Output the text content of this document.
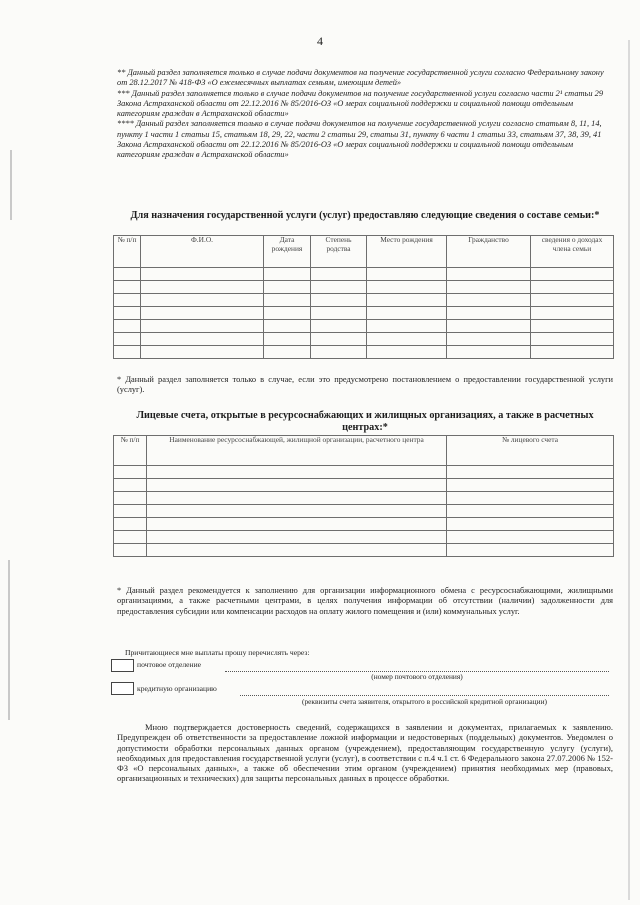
4

** Данный раздел заполняется только в случае подачи документов на получение государственной услуги согласно Федеральному закону от 28.12.2017 № 418-ФЗ «О ежемесячных выплатах семьям, имеющим детей»

*** Данный раздел заполняется только в случае подачи документов на получение государственной услуги согласно части 2¹ статьи 29 Закона Астраханской области от 22.12.2016 № 85/2016-ОЗ «О мерах социальной поддержки и социальной помощи отдельным категориям граждан в Астраханской области»

**** Данный раздел заполняется только в случае подачи документов на получение государственной услуги согласно статьям 8, 11, 14, пункту 1 части 1 статьи 15, статьям 18, 29, 22, части 2 статьи 29, статьи 31, пункту 6 части 1 статьи 33, статьям 37, 38, 39, 41 Закона Астраханской области от 22.12.2016 № 85/2016-ОЗ «О мерах социальной поддержки и социальной помощи отдельным категориям граждан в Астраханской области»

Для назначения государственной услуги (услуг) предоставляю следующие сведения о составе семьи:*
№ п/п	Ф.И.О.	Дата рождения	Степень родства	Место рождения	Гражданство	сведения о доходах члена семьи

* Данный раздел заполняется только в случае, если это предусмотрено постановлением о предоставлении государственной услуги (услуг).
Лицевые счета, открытые в ресурсоснабжающих и жилищных организациях, а также в расчетных центрах:*
№ п/п	Наименование ресурсоснабжающей, жилищной организации, расчетного центра	№ лицевого счета

* Данный раздел рекомендуется к заполнению для организации информационного обмена с ресурсоснабжающими, жилищными организациями, а также расчетными центрами, в целях получения информации об отсутствии (наличии) задолженности для предоставления субсидии или компенсации расходов на оплату жилого помещения и (или) коммунальных услуг.
Причитающиеся мне выплаты прошу перечислять через:
почтовое отделение
(номер почтового отделения)
кредитную организацию
(реквизиты счета заявителя, открытого в российской кредитной организации)
Мною подтверждается достоверность сведений, содержащихся в заявлении и документах, прилагаемых к заявлению. Предупрежден об ответственности за предоставление ложной информации и недостоверных (поддельных) документов. Уведомлен о допустимости обработки персональных данных органом (учреждением), предоставляющим государственную услугу (услуги), необходимых для предоставления государственной услуги (услуг), в соответствии с п.4 ч.1 ст. 6 Федерального закона 27.07.2006 № 152-ФЗ «О персональных данных», а также об обеспечении этим органом (учреждением) принятия необходимых мер (правовых, организационных и технических) для защиты персональных данных в процессе обработки.
